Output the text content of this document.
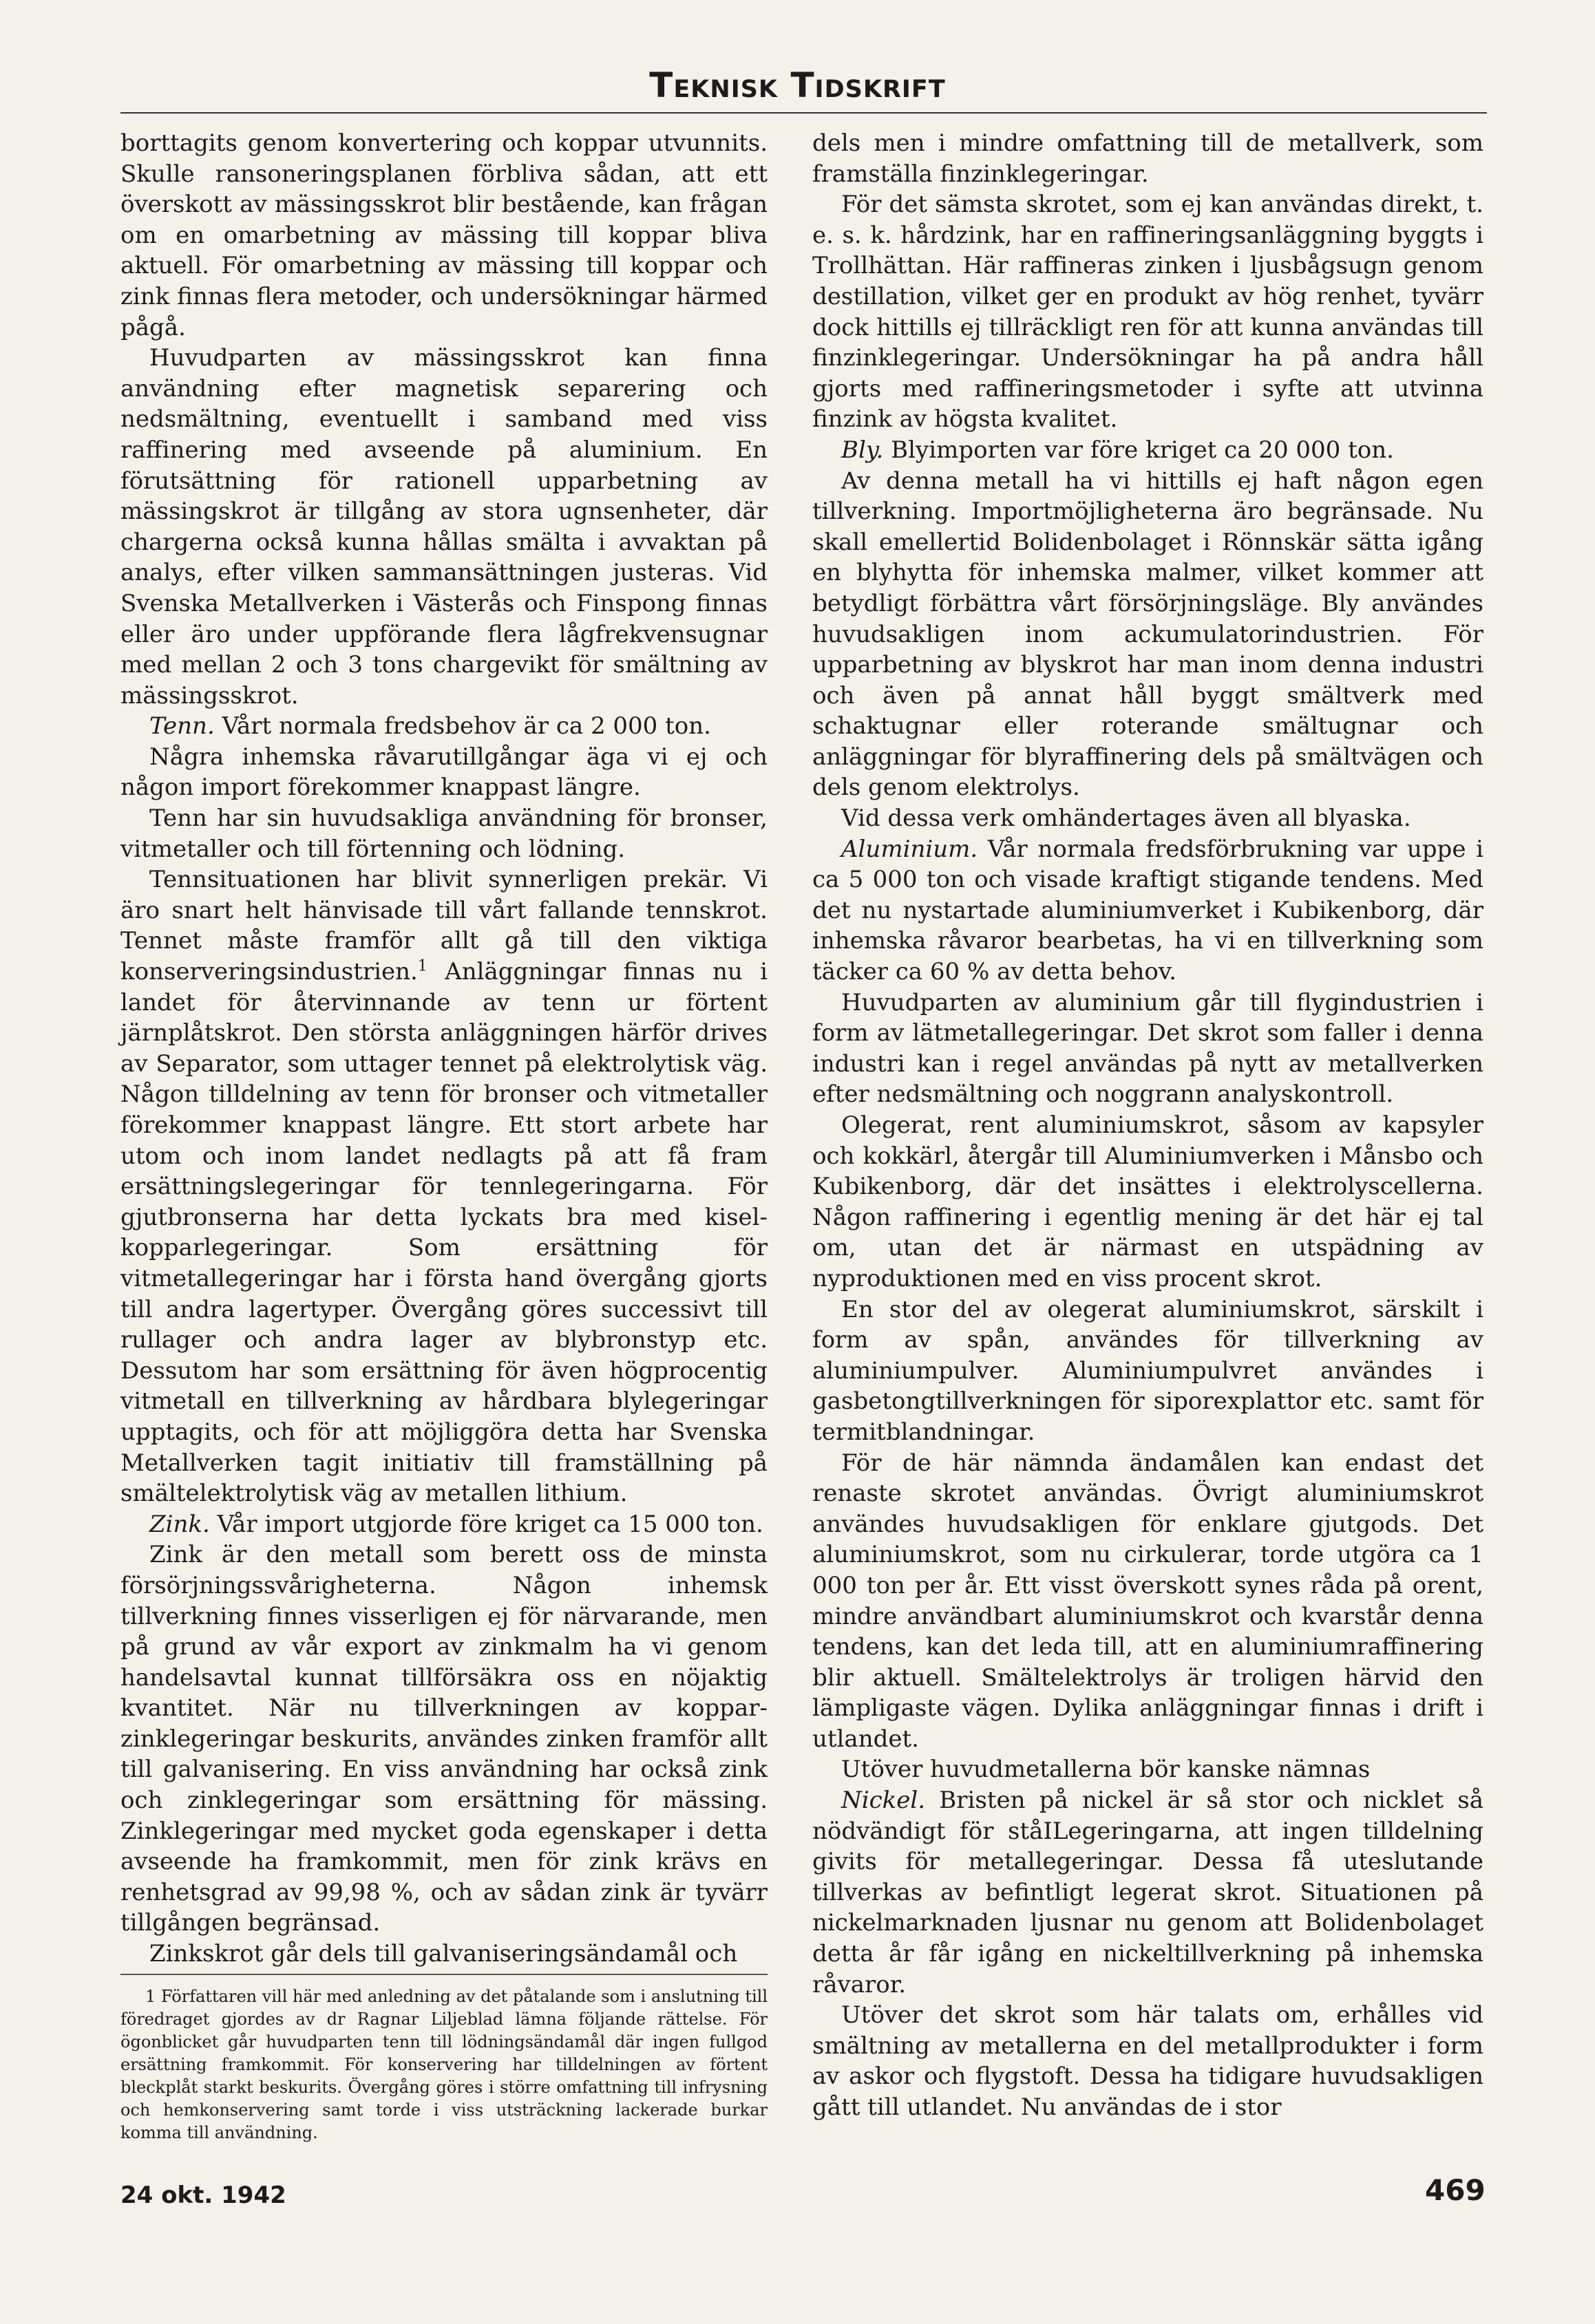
Teknisk Tidskrift

borttagits genom konvertering och koppar utvunnits. Skulle ransoneringsplanen förbliva sådan, att ett överskott av mässingsskrot blir bestående, kan frågan om en omarbetning av mässing till koppar bliva aktuell. För omarbetning av mässing till koppar och zink finnas flera metoder, och undersökningar härmed pågå.

Huvudparten av mässingsskrot kan finna användning efter magnetisk separering och nedsmältning, eventuellt i samband med viss raffinering med avseende på aluminium. En förutsättning för rationell upparbetning av mässingskrot är tillgång av stora ugnsenheter, där chargerna också kunna hållas smälta i avvaktan på analys, efter vilken sammansättningen justeras. Vid Svenska Metallverken i Västerås och Finspong finnas eller äro under uppförande flera lågfrekvensugnar med mellan 2 och 3 tons chargevikt för smältning av mässingsskrot.

Tenn. Vårt normala fredsbehov är ca 2 000 ton.

Några inhemska råvarutillgångar äga vi ej och någon import förekommer knappast längre.

Tenn har sin huvudsakliga användning för bronser, vitmetaller och till förtenning och lödning.

Tennsituationen har blivit synnerligen prekär. Vi äro snart helt hänvisade till vårt fallande tennskrot. Tennet måste framför allt gå till den viktiga konserveringsindustrien.$^1$ Anläggningar finnas nu i landet för återvinnande av tenn ur förtent järnplåtskrot. Den största anläggningen härför drives av Separator, som uttager tennet på elektrolytisk väg. Någon tilldelning av tenn för bronser och vitmetaller förekommer knappast längre. Ett stort arbete har utom och inom landet nedlagts på att få fram ersättningslegeringar för tennlegeringarna. För gjutbronserna har detta lyckats bra med kisel-kopparlegeringar. Som ersättning för vitmetallegeringar har i första hand övergång gjorts till andra lagertyper. Övergång göres successivt till rullager och andra lager av blybronstyp etc. Dessutom har som ersättning för även högprocentig vitmetall en tillverkning av hårdbara blylegeringar upptagits, och för att möjliggöra detta har Svenska Metallverken tagit initiativ till framställning på smältelektrolytisk väg av metallen lithium.

Zink. Vår import utgjorde före kriget ca 15 000 ton.

Zink är den metall som berett oss de minsta försörjningssvårigheterna. Någon inhemsk tillverkning finnes visserligen ej för närvarande, men på grund av vår export av zinkmalm ha vi genom handelsavtal kunnat tillförsäkra oss en nöjaktig kvantitet. När nu tillverkningen av koppar-zinklegeringar beskurits, användes zinken framför allt till galvanisering. En viss användning har också zink och zinklegeringar som ersättning för mässing. Zinklegeringar med mycket goda egenskaper i detta avseende ha framkommit, men för zink krävs en renhetsgrad av 99,98 %, och av sådan zink är tyvärr tillgången begränsad.

Zinkskrot går dels till galvaniseringsändamål och

1 Författaren vill här med anledning av det påtalande som i anslutning till föredraget gjordes av dr Ragnar Liljeblad lämna följande rättelse. För ögonblicket går huvudparten tenn till lödningsändamål där ingen fullgod ersättning framkommit. För konservering har tilldelningen av förtent bleckplåt starkt beskurits. Övergång göres i större omfattning till infrysning och hemkonservering samt torde i viss utsträckning lackerade burkar komma till användning.

dels men i mindre omfattning till de metallverk, som framställa finzinklegeringar.

För det sämsta skrotet, som ej kan användas direkt, t. e. s. k. hårdzink, har en raffineringsanläggning byggts i Trollhättan. Här raffineras zinken i ljusbågsugn genom destillation, vilket ger en produkt av hög renhet, tyvärr dock hittills ej tillräckligt ren för att kunna användas till finzinklegeringar. Undersökningar ha på andra håll gjorts med raffineringsmetoder i syfte att utvinna finzink av högsta kvalitet.

Bly. Blyimporten var före kriget ca 20 000 ton.

Av denna metall ha vi hittills ej haft någon egen tillverkning. Importmöjligheterna äro begränsade. Nu skall emellertid Bolidenbolaget i Rönnskär sätta igång en blyhytta för inhemska malmer, vilket kommer att betydligt förbättra vårt försörjningsläge. Bly användes huvudsakligen inom ackumulatorindustrien. För upparbetning av blyskrot har man inom denna industri och även på annat håll byggt smältverk med schaktugnar eller roterande smältugnar och anläggningar för blyraffinering dels på smältvägen och dels genom elektrolys.

Vid dessa verk omhändertages även all blyaska.

Aluminium. Vår normala fredsförbrukning var uppe i ca 5 000 ton och visade kraftigt stigande tendens. Med det nu nystartade aluminiumverket i Kubikenborg, där inhemska råvaror bearbetas, ha vi en tillverkning som täcker ca 60 % av detta behov.

Huvudparten av aluminium går till flygindustrien i form av lätmetallegeringar. Det skrot som faller i denna industri kan i regel användas på nytt av metallverken efter nedsmältning och noggrann analyskontroll.

Olegerat, rent aluminiumskrot, såsom av kapsyler och kokkärl, återgår till Aluminiumverken i Månsbo och Kubikenborg, där det insättes i elektrolyscellerna. Någon raffinering i egentlig mening är det här ej tal om, utan det är närmast en utspädning av nyproduktionen med en viss procent skrot.

En stor del av olegerat aluminiumskrot, särskilt i form av spån, användes för tillverkning av aluminiumpulver. Aluminiumpulvret användes i gasbetongtillverkningen för siporexplattor etc. samt för termitblandningar.

För de här nämnda ändamålen kan endast det renaste skrotet användas. Övrigt aluminiumskrot användes huvudsakligen för enklare gjutgods. Det aluminiumskrot, som nu cirkulerar, torde utgöra ca 1 000 ton per år. Ett visst överskott synes råda på orent, mindre användbart aluminiumskrot och kvarstår denna tendens, kan det leda till, att en aluminiumraffinering blir aktuell. Smältelektrolys är troligen härvid den lämpligaste vägen. Dylika anläggningar finnas i drift i utlandet.

Utöver huvudmetallerna bör kanske nämnas

Nickel. Bristen på nickel är så stor och nicklet så nödvändigt för ståILegeringarna, att ingen tilldelning givits för metallegeringar. Dessa få uteslutande tillverkas av befintligt legerat skrot. Situationen på nickelmarknaden ljusnar nu genom att Bolidenbolaget detta år får igång en nickeltillverkning på inhemska råvaror.

Utöver det skrot som här talats om, erhålles vid smältning av metallerna en del metallprodukter i form av askor och flygstoft. Dessa ha tidigare huvudsakligen gått till utlandet. Nu användas de i stor

24 okt. 1942	469
